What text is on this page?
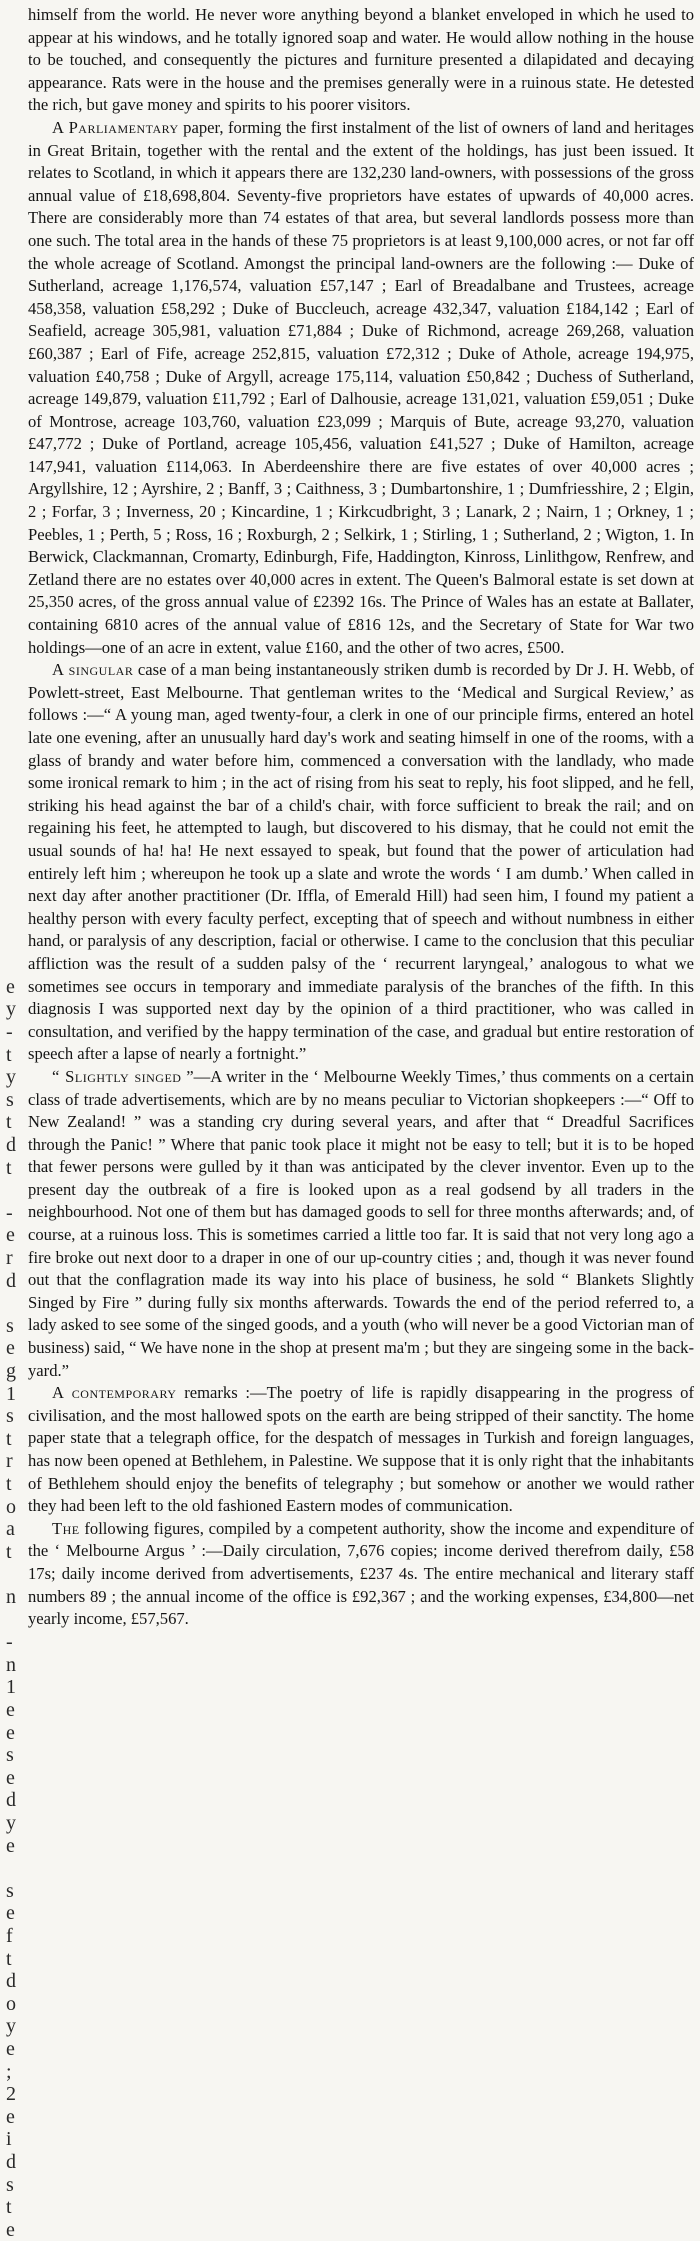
e
y
-
t
y
s
t
d
t
-
e
r
d
s
e
g
1
s
t
r
t
o
a
t
n
-
n
1
e
e
s
e
d
y
e
s
e
f
t
d
o
y
e
;
2
e
i
d
s
t
e

himself from the world. He never wore anything beyond a blanket enveloped in which he used to appear at his windows, and he totally ignored soap and water. He would allow nothing in the house to be touched, and consequently the pictures and furniture presented a dilapidated and decaying appearance. Rats were in the house and the premises generally were in a ruinous state. He detested the rich, but gave money and spirits to his poorer visitors.

A Parliamentary paper, forming the first instalment of the list of owners of land and heritages in Great Britain, together with the rental and the extent of the holdings, has just been issued. It relates to Scotland, in which it appears there are 132,230 land-owners, with possessions of the gross annual value of £18,698,804. Seventy-five proprietors have estates of upwards of 40,000 acres. There are considerably more than 74 estates of that area, but several landlords possess more than one such. The total area in the hands of these 75 proprietors is at least 9,100,000 acres, or not far off the whole acreage of Scotland. Amongst the principal land-owners are the following :— Duke of Sutherland, acreage 1,176,574, valuation £57,147 ; Earl of Breadalbane and Trustees, acreage 458,358, valuation £58,292 ; Duke of Buccleuch, acreage 432,347, valuation £184,142 ; Earl of Seafield, acreage 305,981, valuation £71,884 ; Duke of Richmond, acreage 269,268, valuation £60,387 ; Earl of Fife, acreage 252,815, valuation £72,312 ; Duke of Athole, acreage 194,975, valuation £40,758 ; Duke of Argyll, acreage 175,114, valuation £50,842 ; Duchess of Sutherland, acreage 149,879, valuation £11,792 ; Earl of Dalhousie, acreage 131,021, valuation £59,051 ; Duke of Montrose, acreage 103,760, valuation £23,099 ; Marquis of Bute, acreage 93,270, valuation £47,772 ; Duke of Portland, acreage 105,456, valuation £41,527 ; Duke of Hamilton, acreage 147,941, valuation £114,063. In Aberdeenshire there are five estates of over 40,000 acres ; Argyllshire, 12 ; Ayrshire, 2 ; Banff, 3 ; Caithness, 3 ; Dumbartonshire, 1 ; Dumfriesshire, 2 ; Elgin, 2 ; Forfar, 3 ; Inverness, 20 ; Kincardine, 1 ; Kirkcudbright, 3 ; Lanark, 2 ; Nairn, 1 ; Orkney, 1 ; Peebles, 1 ; Perth, 5 ; Ross, 16 ; Roxburgh, 2 ; Selkirk, 1 ; Stirling, 1 ; Sutherland, 2 ; Wigton, 1. In Berwick, Clackmannan, Cromarty, Edinburgh, Fife, Haddington, Kinross, Linlithgow, Renfrew, and Zetland there are no estates over 40,000 acres in extent. The Queen's Balmoral estate is set down at 25,350 acres, of the gross annual value of £2392 16s. The Prince of Wales has an estate at Ballater, containing 6810 acres of the annual value of £816 12s, and the Secretary of State for War two holdings—one of an acre in extent, value £160, and the other of two acres, £500.

A singular case of a man being instantaneously striken dumb is recorded by Dr J. H. Webb, of Powlett-street, East Melbourne. That gentleman writes to the ‘Medical and Surgical Review,’ as follows :—“ A young man, aged twenty-four, a clerk in one of our principle firms, entered an hotel late one evening, after an unusually hard day's work and seating himself in one of the rooms, with a glass of brandy and water before him, commenced a conversation with the landlady, who made some ironical remark to him ; in the act of rising from his seat to reply, his foot slipped, and he fell, striking his head against the bar of a child's chair, with force sufficient to break the rail; and on regaining his feet, he attempted to laugh, but discovered to his dismay, that he could not emit the usual sounds of ha! ha! He next essayed to speak, but found that the power of articulation had entirely left him ; whereupon he took up a slate and wrote the words ‘ I am dumb.’ When called in next day after another practitioner (Dr. Iffla, of Emerald Hill) had seen him, I found my patient a healthy person with every faculty perfect, excepting that of speech and without numbness in either hand, or paralysis of any description, facial or otherwise. I came to the conclusion that this peculiar affliction was the result of a sudden palsy of the ‘ recurrent laryngeal,’ analogous to what we sometimes see occurs in temporary and immediate paralysis of the branches of the fifth. In this diagnosis I was supported next day by the opinion of a third practitioner, who was called in consultation, and verified by the happy termination of the case, and gradual but entire restoration of speech after a lapse of nearly a fortnight.”

“ Slightly singed ”—A writer in the ‘ Melbourne Weekly Times,’ thus comments on a certain class of trade advertisements, which are by no means peculiar to Victorian shopkeepers :—“ Off to New Zealand! ” was a standing cry during several years, and after that “ Dreadful Sacrifices through the Panic! ” Where that panic took place it might not be easy to tell; but it is to be hoped that fewer persons were gulled by it than was anticipated by the clever inventor. Even up to the present day the outbreak of a fire is looked upon as a real godsend by all traders in the neighbourhood. Not one of them but has damaged goods to sell for three months afterwards; and, of course, at a ruinous loss. This is sometimes carried a little too far. It is said that not very long ago a fire broke out next door to a draper in one of our up-country cities ; and, though it was never found out that the conflagration made its way into his place of business, he sold “ Blankets Slightly Singed by Fire ” during fully six months afterwards. Towards the end of the period referred to, a lady asked to see some of the singed goods, and a youth (who will never be a good Victorian man of business) said, “ We have none in the shop at present ma'm ; but they are singeing some in the back-yard.”

A contemporary remarks :—The poetry of life is rapidly disappearing in the progress of civilisation, and the most hallowed spots on the earth are being stripped of their sanctity. The home paper state that a telegraph office, for the despatch of messages in Turkish and foreign languages, has now been opened at Bethlehem, in Palestine. We suppose that it is only right that the inhabitants of Bethlehem should enjoy the benefits of telegraphy ; but somehow or another we would rather they had been left to the old fashioned Eastern modes of communication.

The following figures, compiled by a competent authority, show the income and expenditure of the ‘ Melbourne Argus ’ :—Daily circulation, 7,676 copies; income derived therefrom daily, £58 17s; daily income derived from advertisements, £237 4s. The entire mechanical and literary staff numbers 89 ; the annual income of the office is £92,367 ; and the working expenses, £34,800—net yearly income, £57,567.
